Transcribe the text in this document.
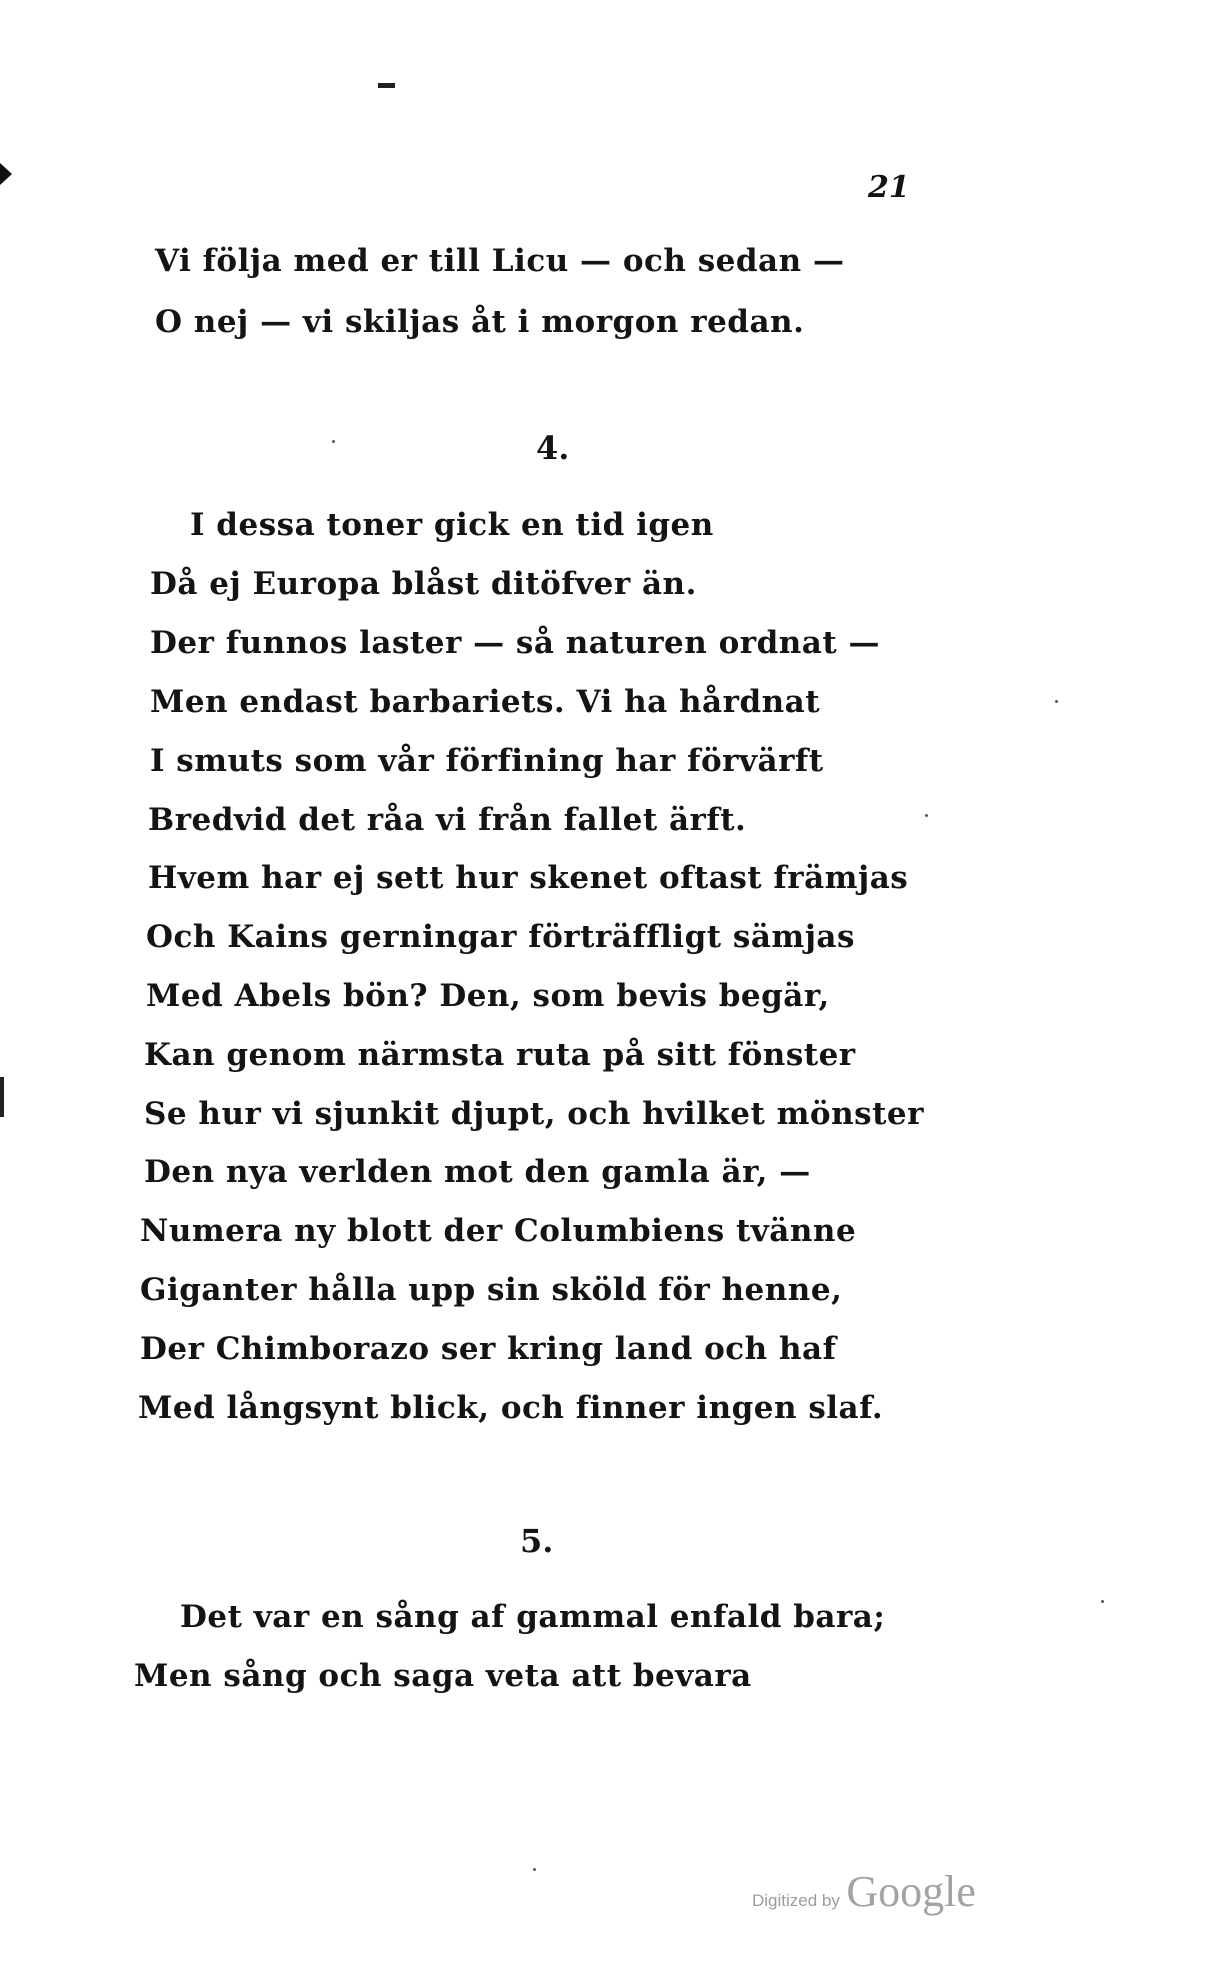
21
Vi följa med er till Licu — och sedan —
O nej — vi skiljas åt i morgon redan.
4.
I dessa toner gick en tid igen
Då ej Europa blåst ditöfver än.
Der funnos laster — så naturen ordnat —
Men endast barbariets. Vi ha hårdnat
I smuts som vår förfining har förvärft
Bredvid det råa vi från fallet ärft.
Hvem har ej sett hur skenet oftast främjas
Och Kains gerningar förträffligt sämjas
Med Abels bön? Den, som bevis begär,
Kan genom närmsta ruta på sitt fönster
Se hur vi sjunkit djupt, och hvilket mönster
Den nya verlden mot den gamla är, —
Numera ny blott der Columbiens tvänne
Giganter hålla upp sin sköld för henne,
Der Chimborazo ser kring land och haf
Med långsynt blick, och finner ingen slaf.
5.
Det var en sång af gammal enfald bara;
Men sång och saga veta att bevara
Digitized by Google
